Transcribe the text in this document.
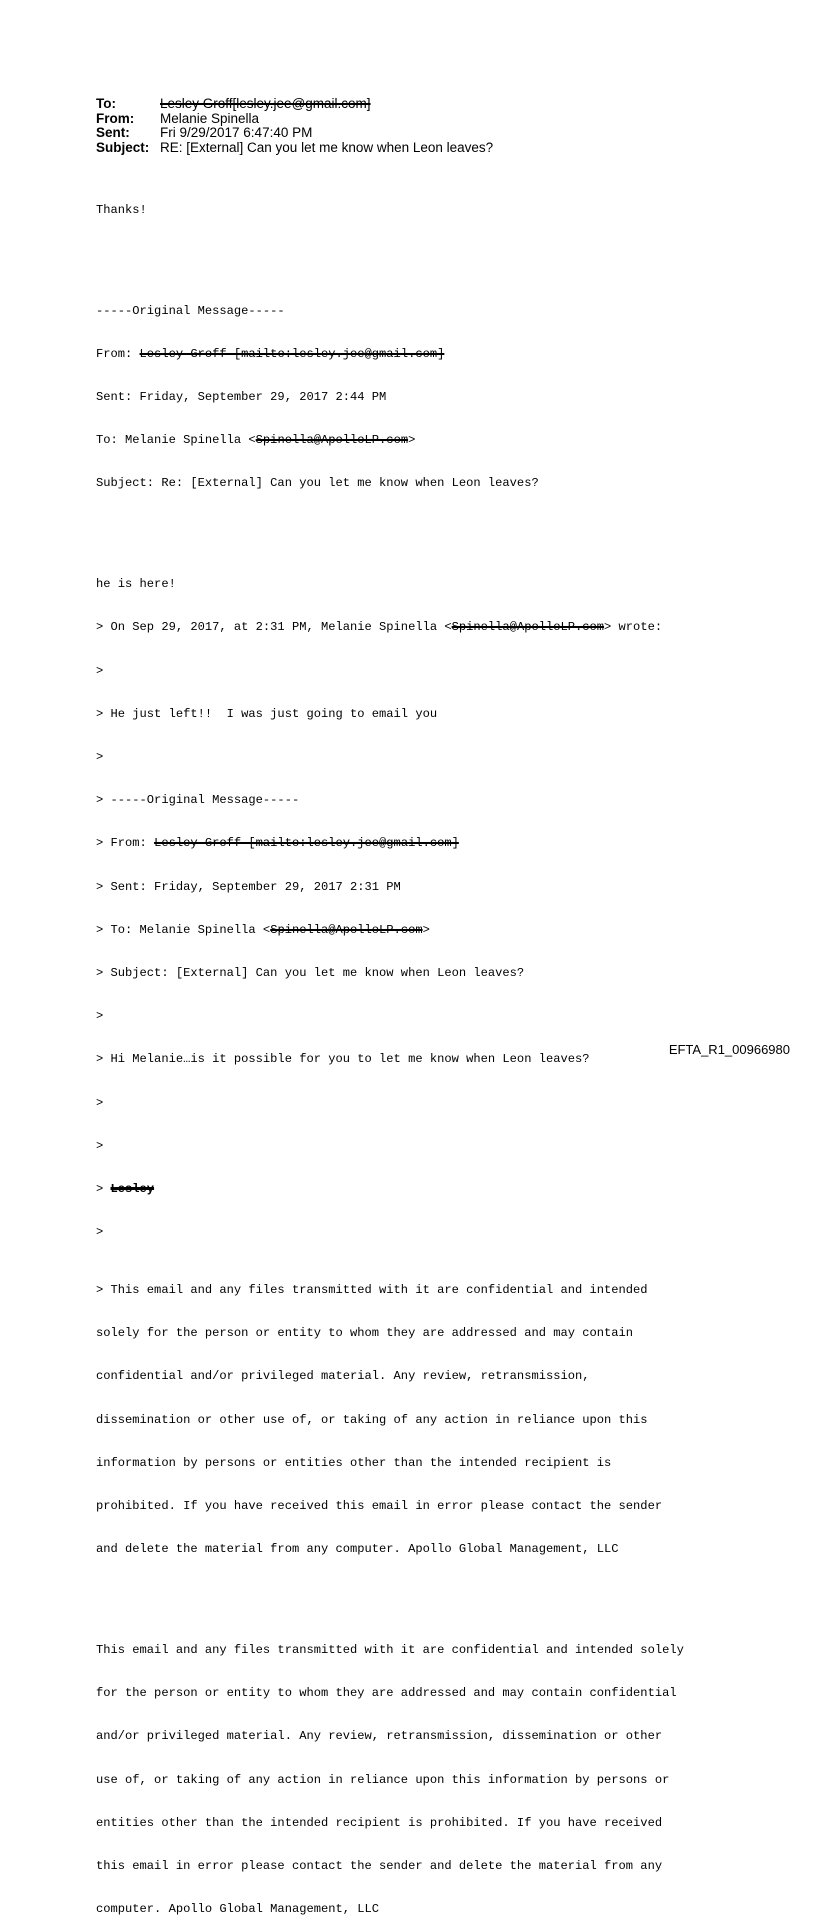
To:	Lesley Groff[lesley.jee@gmail.com]
From:	Melanie Spinella
Sent:	Fri 9/29/2017 6:47:40 PM
Subject: RE: [External] Can you let me know when Leon leaves?

Thanks!

-----Original Message-----

From: Lesley Groff [mailto:lesley.jee@gmail.com]

Sent: Friday, September 29, 2017 2:44 PM

To: Melanie Spinella <Spinella@ApolloLP.com>

Subject: Re: [External] Can you let me know when Leon leaves?

he is here!

> On Sep 29, 2017, at 2:31 PM, Melanie Spinella <Spinella@ApolloLP.com> wrote:

>

> He just left!!  I was just going to email you

>

> -----Original Message-----

> From: Lesley Groff [mailto:lesley.jee@gmail.com]

> Sent: Friday, September 29, 2017 2:31 PM

> To: Melanie Spinella <Spinella@ApolloLP.com>

> Subject: [External] Can you let me know when Leon leaves?

>

> Hi Melanie…is it possible for you to let me know when Leon leaves?

>

>

> Lesley

>

> This email and any files transmitted with it are confidential and intended

solely for the person or entity to whom they are addressed and may contain

confidential and/or privileged material. Any review, retransmission,

dissemination or other use of, or taking of any action in reliance upon this

information by persons or entities other than the intended recipient is

prohibited. If you have received this email in error please contact the sender

and delete the material from any computer. Apollo Global Management, LLC

This email and any files transmitted with it are confidential and intended solely

for the person or entity to whom they are addressed and may contain confidential

and/or privileged material. Any review, retransmission, dissemination or other

use of, or taking of any action in reliance upon this information by persons or

entities other than the intended recipient is prohibited. If you have received

this email in error please contact the sender and delete the material from any

computer. Apollo Global Management, LLC

EFTA_R1_00966980
